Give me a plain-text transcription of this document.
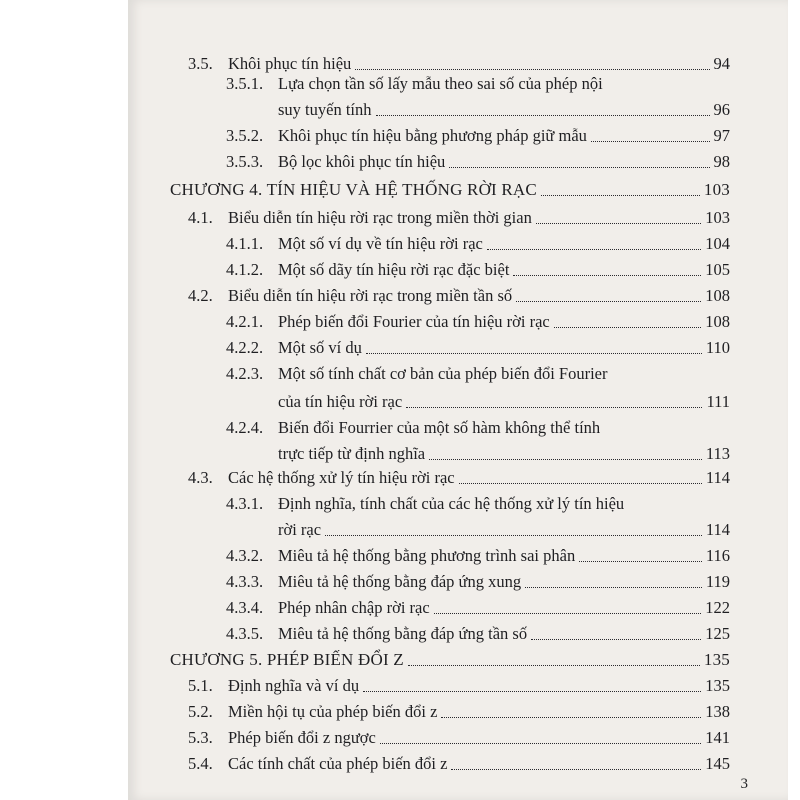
3.5. Khôi phục tín hiệu	94
3.5.1. Lựa chọn tần số lấy mẫu theo sai số của phép nội
suy tuyến tính	96
3.5.2. Khôi phục tín hiệu bằng phương pháp giữ mẫu	97
3.5.3. Bộ lọc khôi phục tín hiệu	98
CHƯƠNG 4. TÍN HIỆU VÀ HỆ THỐNG RỜI RẠC	103
4.1. Biểu diễn tín hiệu rời rạc trong miền thời gian	103
4.1.1. Một số ví dụ về tín hiệu rời rạc	104
4.1.2. Một số dãy tín hiệu rời rạc đặc biệt	105
4.2. Biểu diễn tín hiệu rời rạc trong miền tần số	108
4.2.1. Phép biến đổi Fourier của tín hiệu rời rạc	108
4.2.2. Một số ví dụ	110
4.2.3. Một số tính chất cơ bản của phép biến đổi Fourier
của tín hiệu rời rạc	111
4.2.4. Biến đổi Fourrier của một số hàm không thể tính
trực tiếp từ định nghĩa	113
4.3. Các hệ thống xử lý tín hiệu rời rạc	114
4.3.1. Định nghĩa, tính chất của các hệ thống xử lý tín hiệu
rời rạc	114
4.3.2. Miêu tả hệ thống bằng phương trình sai phân	116
4.3.3. Miêu tả hệ thống bằng đáp ứng xung	119
4.3.4. Phép nhân chập rời rạc	122
4.3.5. Miêu tả hệ thống bằng đáp ứng tần số	125
CHƯƠNG 5. PHÉP BIẾN ĐỔI Z	135
5.1. Định nghĩa và ví dụ	135
5.2. Miền hội tụ của phép biến đổi z	138
5.3. Phép biến đổi z ngược	141
5.4. Các tính chất của phép biến đổi z	145
3
